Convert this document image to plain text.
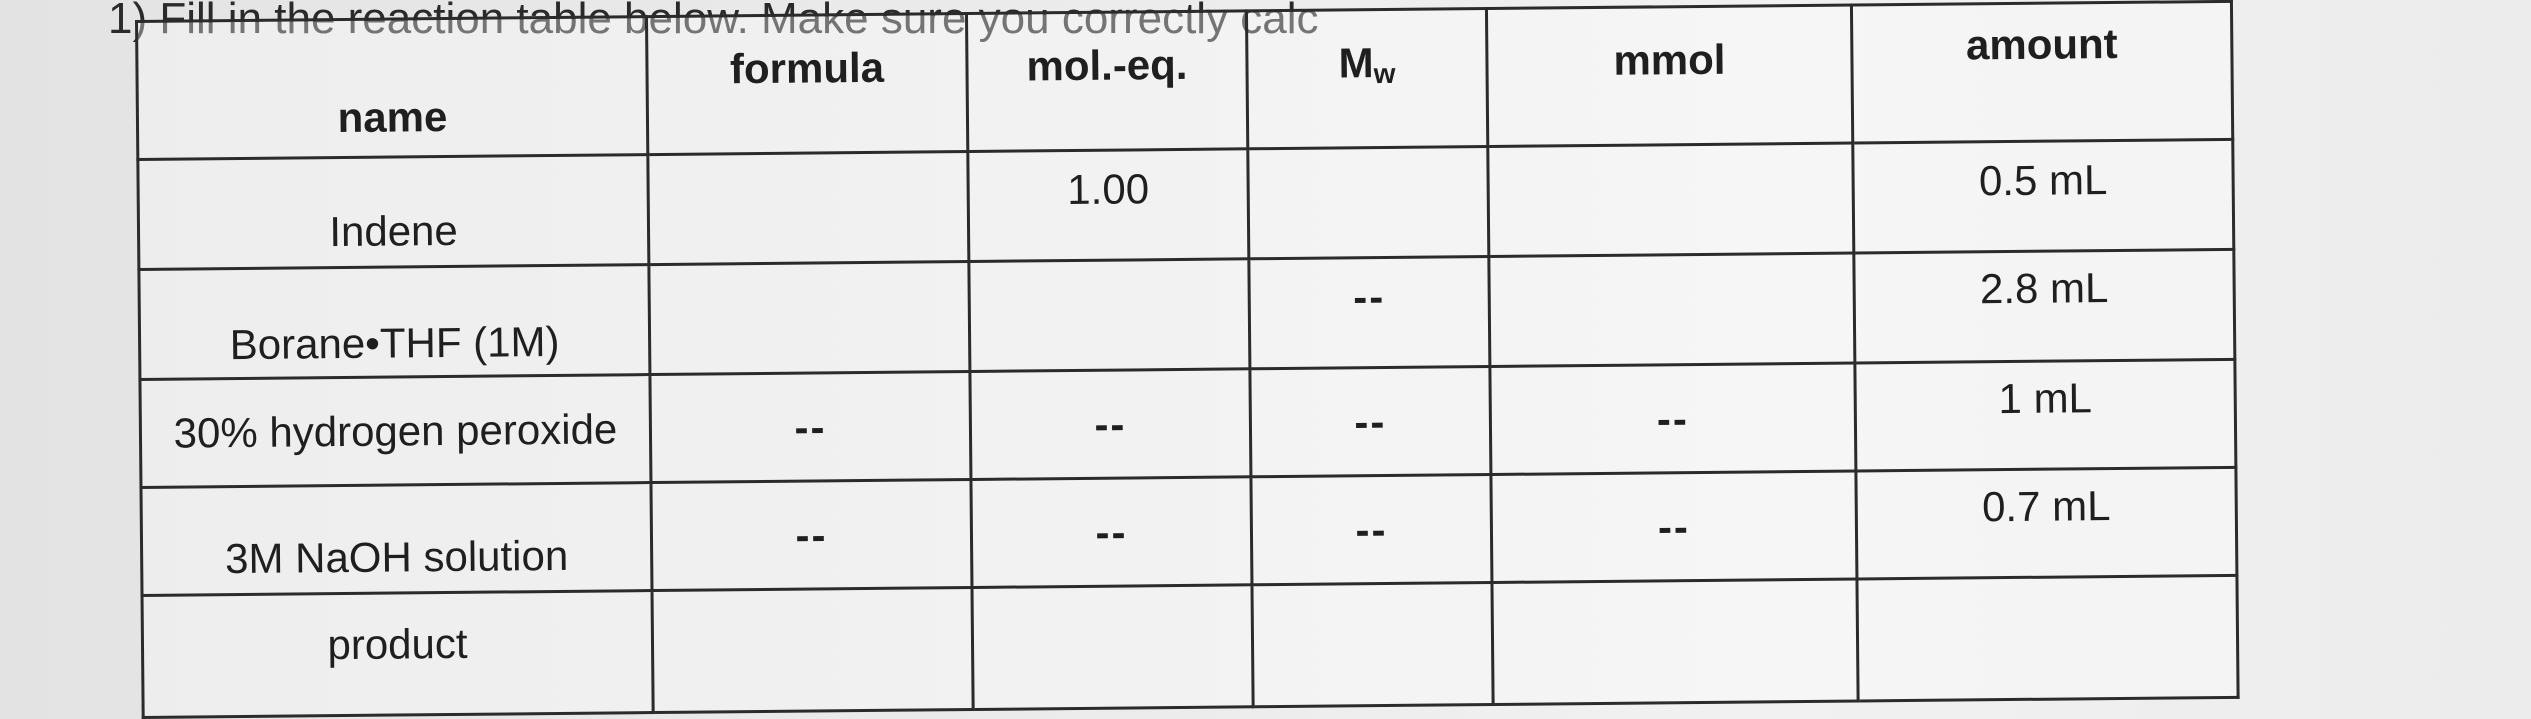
1) Fill in the reaction table below. Make sure you correctly calc

name	formula	mol.-eq.	Mw	mmol	amount
Indene		1.00			0.5 mL
Borane•THF (1M)			--		2.8 mL
30% hydrogen peroxide	--	--	--	--	1 mL
3M NaOH solution	--	--	--	--	0.7 mL
product					
